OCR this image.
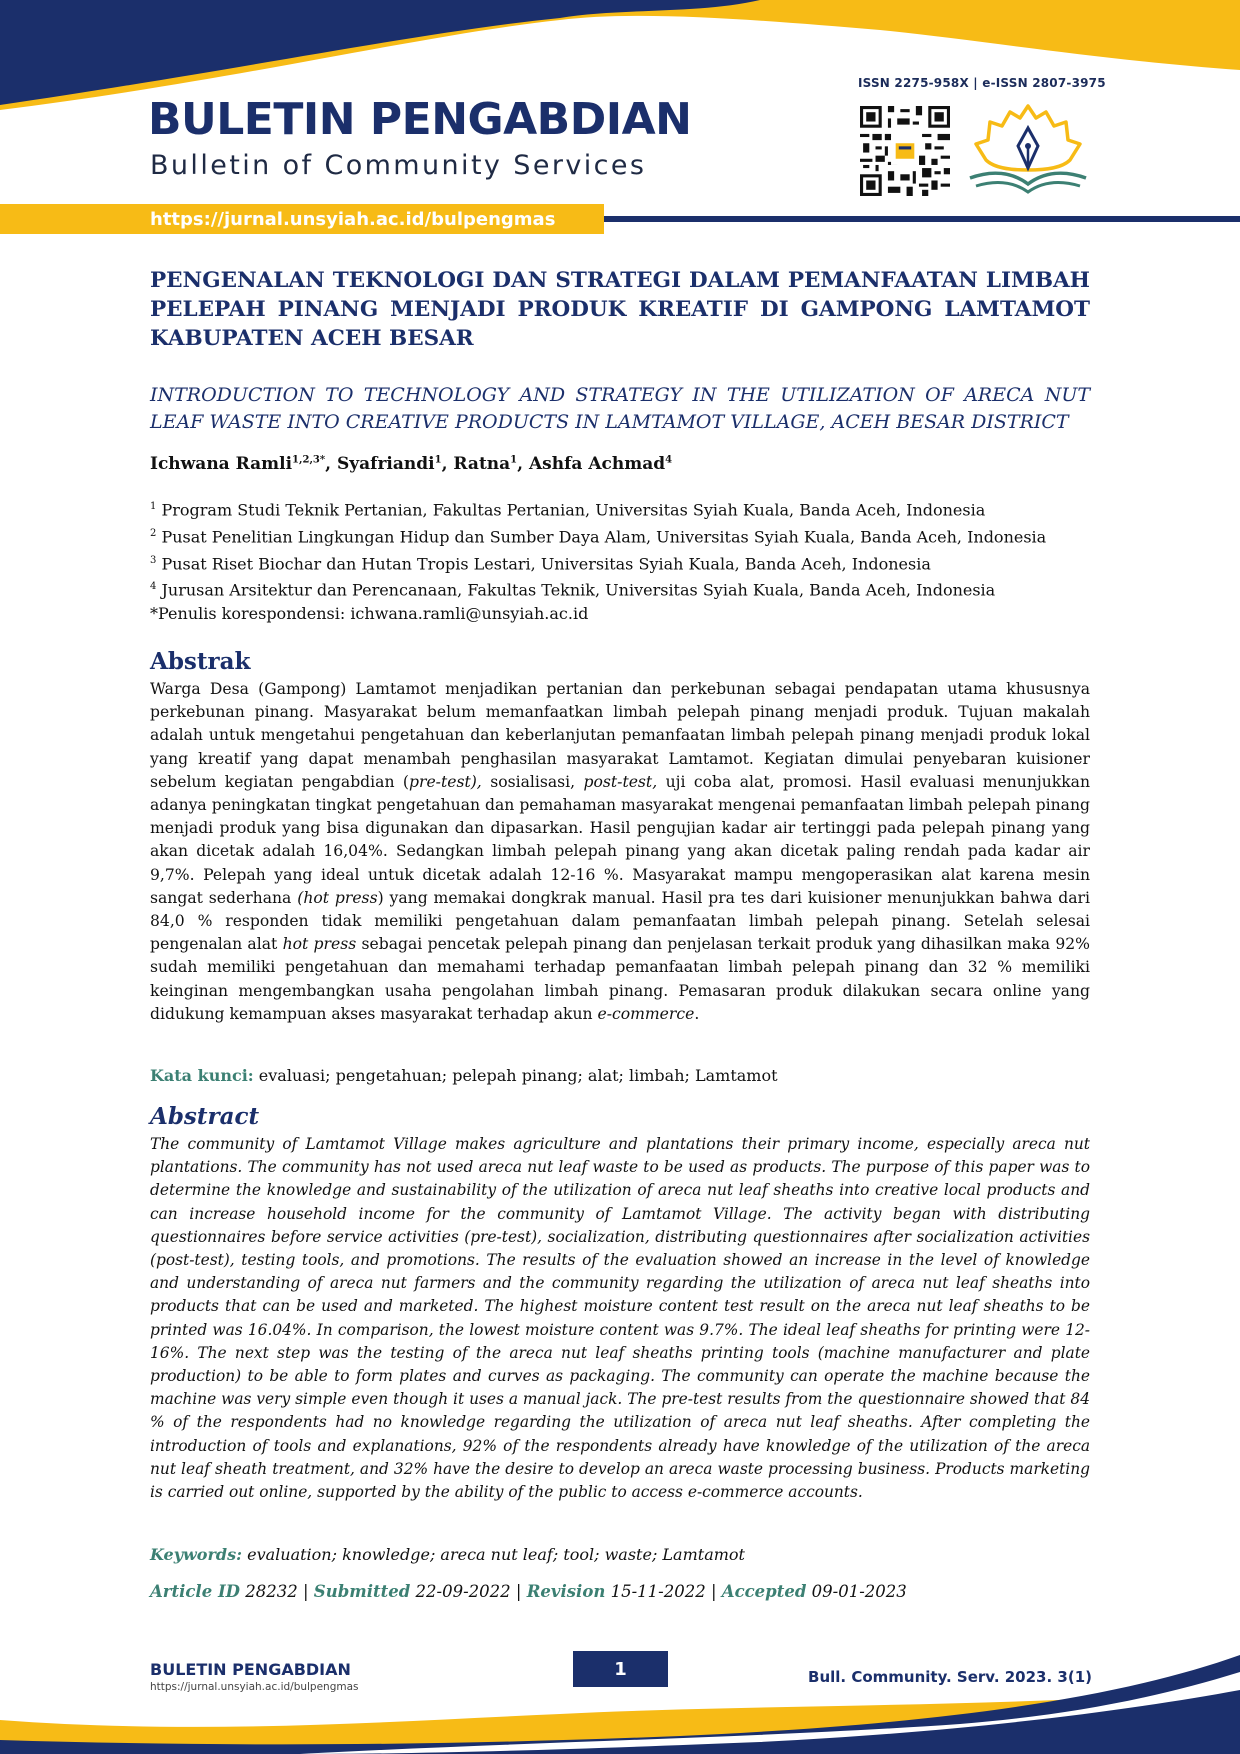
ISSN 2275-958X | e-ISSN 2807-3975
BULETIN PENGABDIAN
Bulletin of Community Services
https://jurnal.unsyiah.ac.id/bulpengmas
PENGENALAN TEKNOLOGI DAN STRATEGI DALAM PEMANFAATAN LIMBAH PELEPAH PINANG MENJADI PRODUK KREATIF DI GAMPONG LAMTAMOT KABUPATEN ACEH BESAR
INTRODUCTION TO TECHNOLOGY AND STRATEGY IN THE UTILIZATION OF ARECA NUT LEAF WASTE INTO CREATIVE PRODUCTS IN LAMTAMOT VILLAGE, ACEH BESAR DISTRICT
Ichwana Ramli$^{1,2,3*}$, Syafriandi$^1$, Ratna$^1$, Ashfa Achmad$^4$
$^1$ Program Studi Teknik Pertanian, Fakultas Pertanian, Universitas Syiah Kuala, Banda Aceh, Indonesia
$^2$ Pusat Penelitian Lingkungan Hidup dan Sumber Daya Alam, Universitas Syiah Kuala, Banda Aceh, Indonesia
$^3$ Pusat Riset Biochar dan Hutan Tropis Lestari, Universitas Syiah Kuala, Banda Aceh, Indonesia
$^4$ Jurusan Arsitektur dan Perencanaan, Fakultas Teknik, Universitas Syiah Kuala, Banda Aceh, Indonesia
*Penulis korespondensi: ichwana.ramli@unsyiah.ac.id
Abstrak
Warga Desa (Gampong) Lamtamot menjadikan pertanian dan perkebunan sebagai pendapatan utama khususnya perkebunan pinang. Masyarakat belum memanfaatkan limbah pelepah pinang menjadi produk. Tujuan makalah adalah untuk mengetahui pengetahuan dan keberlanjutan pemanfaatan limbah pelepah pinang menjadi produk lokal yang kreatif yang dapat menambah penghasilan masyarakat Lamtamot. Kegiatan dimulai penyebaran kuisioner sebelum kegiatan pengabdian (pre-test), sosialisasi, post-test, uji coba alat, promosi. Hasil evaluasi menunjukkan adanya peningkatan tingkat pengetahuan dan pemahaman masyarakat mengenai pemanfaatan limbah pelepah pinang menjadi produk yang bisa digunakan dan dipasarkan. Hasil pengujian kadar air tertinggi pada pelepah pinang yang akan dicetak adalah 16,04%. Sedangkan limbah pelepah pinang yang akan dicetak paling rendah pada kadar air 9,7%. Pelepah yang ideal untuk dicetak adalah 12-16 %. Masyarakat mampu mengoperasikan alat karena mesin sangat sederhana (hot press) yang memakai dongkrak manual. Hasil pra tes dari kuisioner menunjukkan bahwa dari 84,0 % responden tidak memiliki pengetahuan dalam pemanfaatan limbah pelepah pinang. Setelah selesai pengenalan alat hot press sebagai pencetak pelepah pinang dan penjelasan terkait produk yang dihasilkan maka 92% sudah memiliki pengetahuan dan memahami terhadap pemanfaatan limbah pelepah pinang dan 32 % memiliki keinginan mengembangkan usaha pengolahan limbah pinang. Pemasaran produk dilakukan secara online yang didukung kemampuan akses masyarakat terhadap akun e-commerce.
Kata kunci: evaluasi; pengetahuan; pelepah pinang; alat; limbah; Lamtamot
Abstract
The community of Lamtamot Village makes agriculture and plantations their primary income, especially areca nut plantations. The community has not used areca nut leaf waste to be used as products. The purpose of this paper was to determine the knowledge and sustainability of the utilization of areca nut leaf sheaths into creative local products and can increase household income for the community of Lamtamot Village. The activity began with distributing questionnaires before service activities (pre-test), socialization, distributing questionnaires after socialization activities (post-test), testing tools, and promotions. The results of the evaluation showed an increase in the level of knowledge and understanding of areca nut farmers and the community regarding the utilization of areca nut leaf sheaths into products that can be used and marketed. The highest moisture content test result on the areca nut leaf sheaths to be printed was 16.04%. In comparison, the lowest moisture content was 9.7%. The ideal leaf sheaths for printing were 12-16%. The next step was the testing of the areca nut leaf sheaths printing tools (machine manufacturer and plate production) to be able to form plates and curves as packaging. The community can operate the machine because the machine was very simple even though it uses a manual jack. The pre-test results from the questionnaire showed that 84 % of the respondents had no knowledge regarding the utilization of areca nut leaf sheaths. After completing the introduction of tools and explanations, 92% of the respondents already have knowledge of the utilization of the areca nut leaf sheath treatment, and 32% have the desire to develop an areca waste processing business. Products marketing is carried out online, supported by the ability of the public to access e-commerce accounts.
Keywords: evaluation; knowledge; areca nut leaf; tool; waste; Lamtamot
Article ID 28232 | Submitted 22-09-2022 | Revision 15-11-2022 | Accepted 09-01-2023
BULETIN PENGABDIAN
https://jurnal.unsyiah.ac.id/bulpengmas
1	Bull. Community. Serv. 2023. 3(1)
